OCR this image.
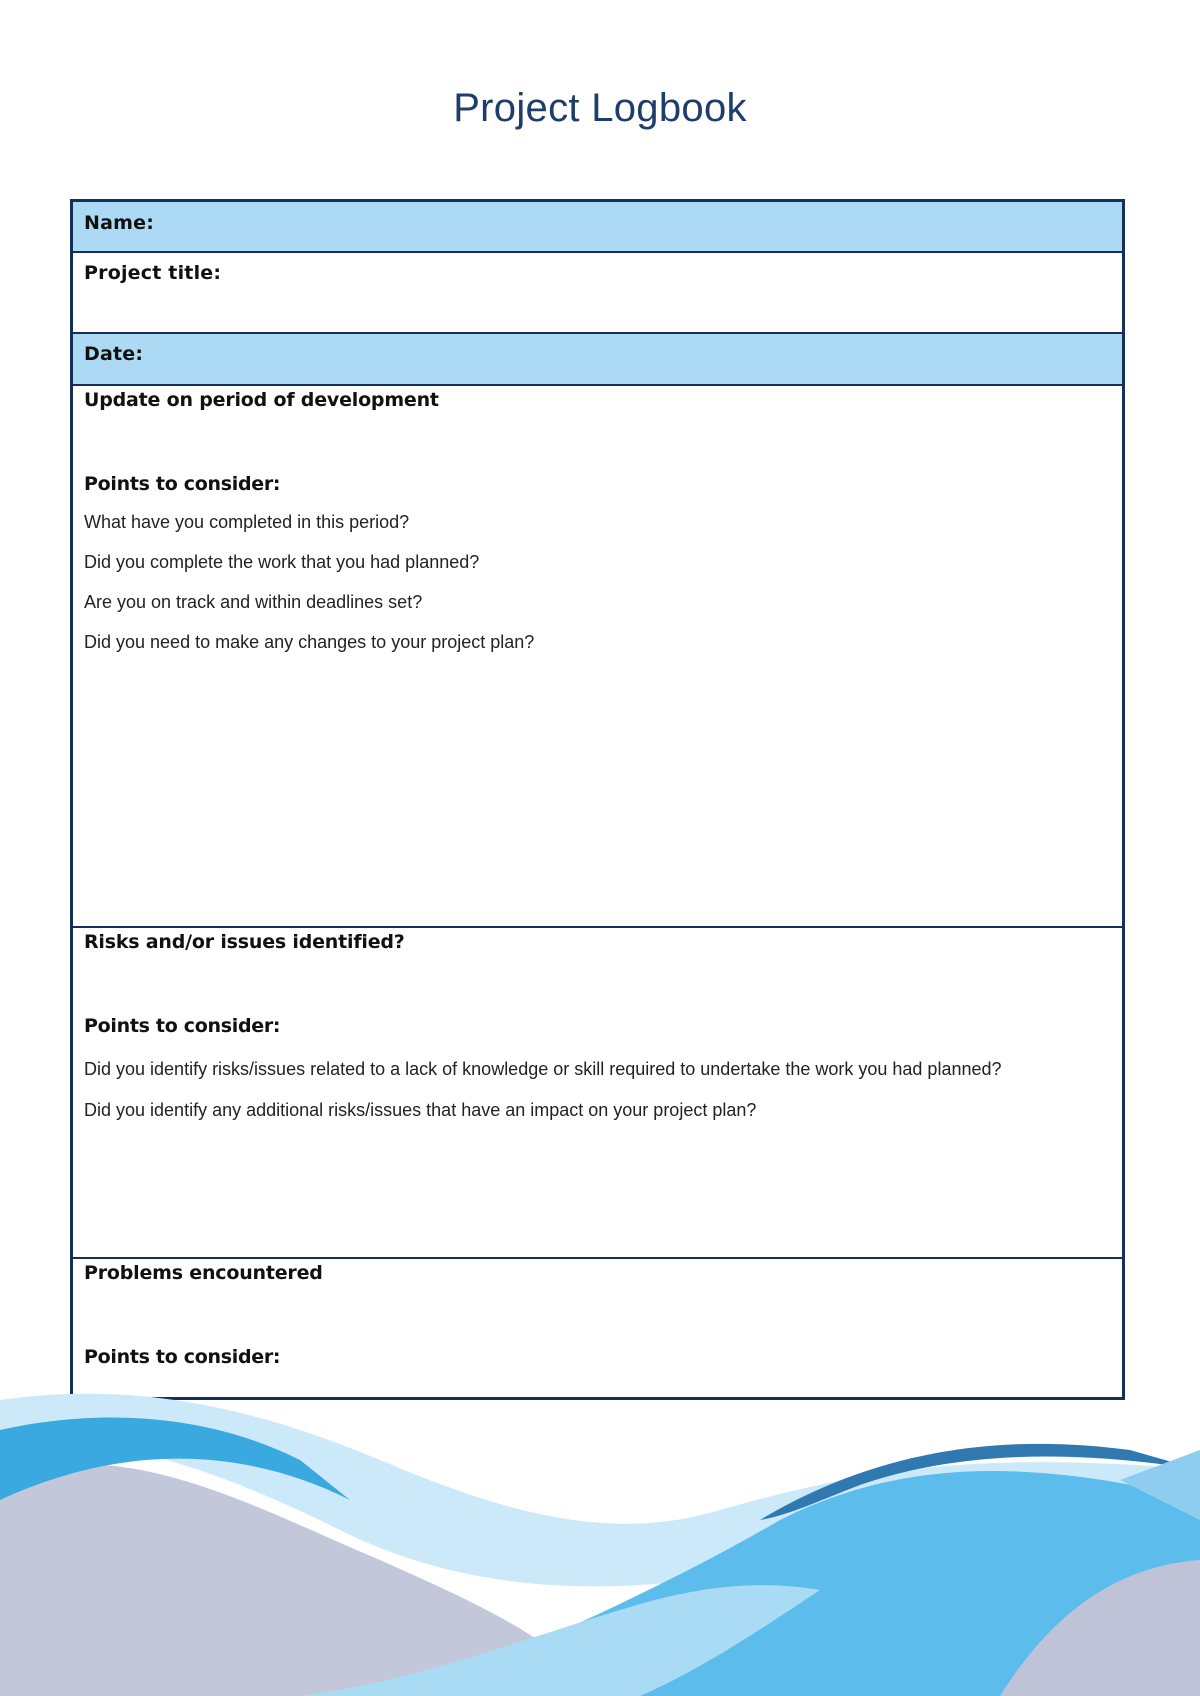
Project Logbook
Name:
Project title:
Date:

Update on period of development

Points to consider:

What have you completed in this period?

Did you complete the work that you had planned?

Are you on track and within deadlines set?

Did you need to make any changes to your project plan?

Risks and/or issues identified?

Points to consider:

Did you identify risks/issues related to a lack of knowledge or skill required to undertake the work you had planned?

Did you identify any additional risks/issues that have an impact on your project plan?

Problems encountered

Points to consider:
